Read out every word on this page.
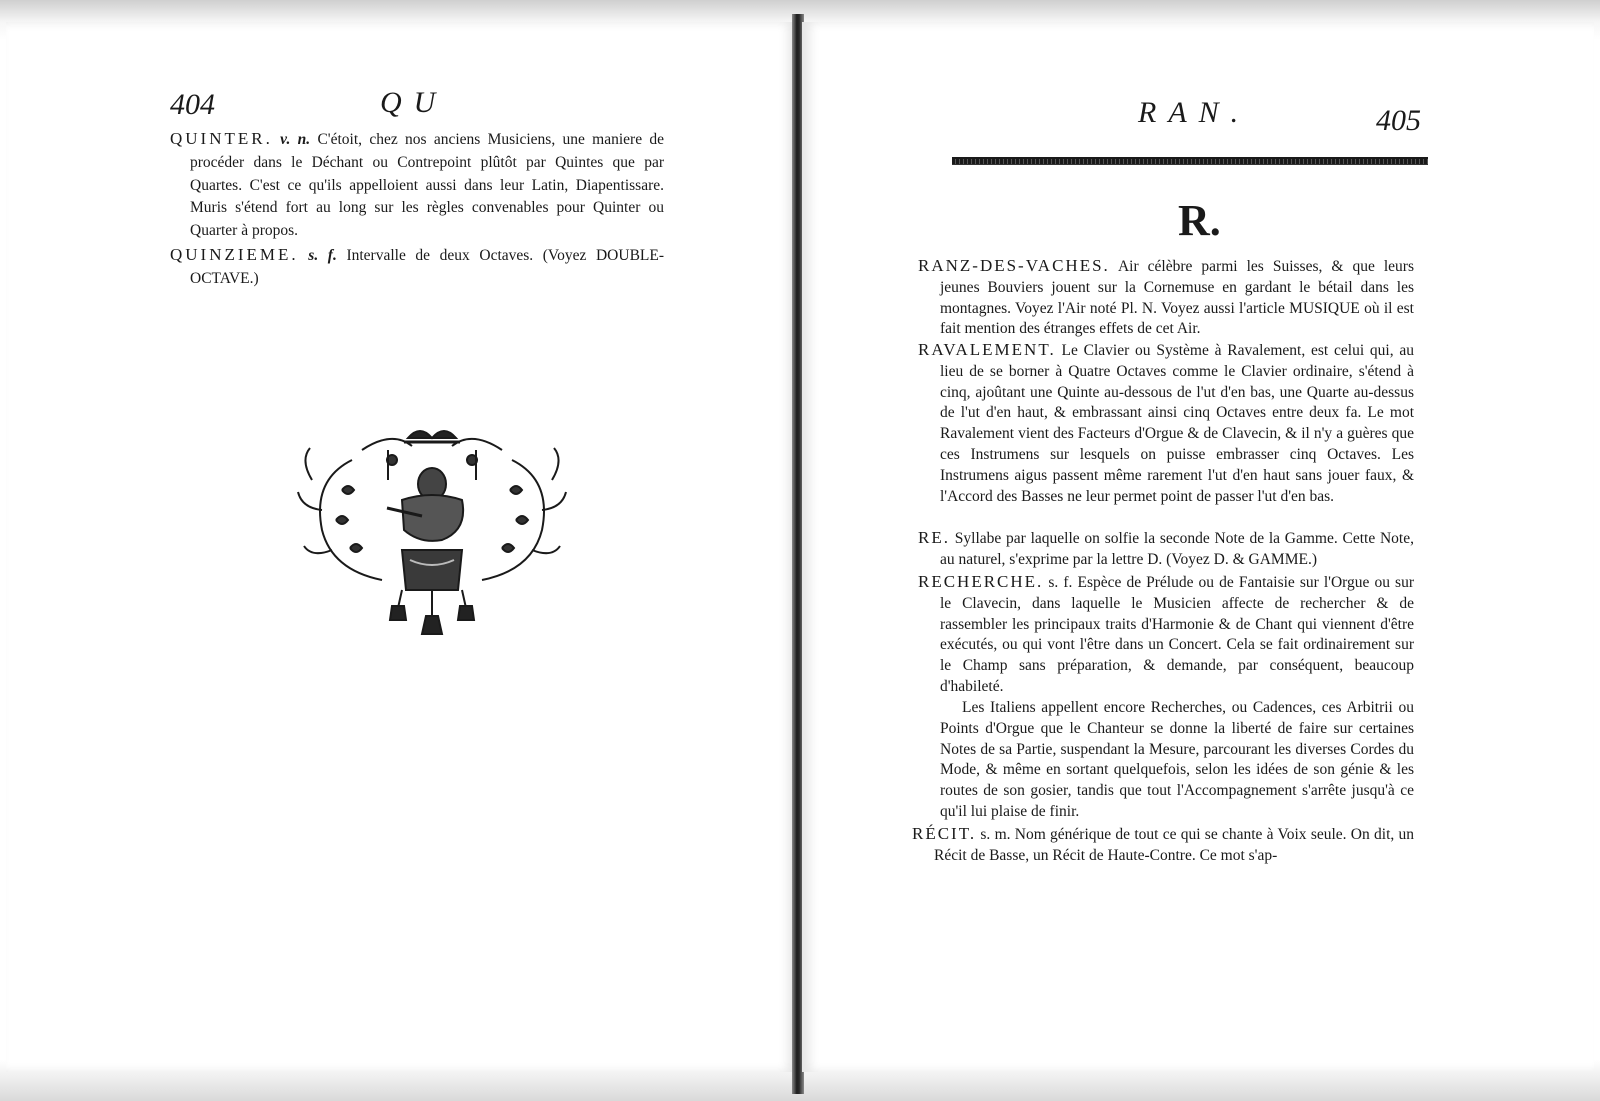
404	QU
QUINTER. v. n. C'étoit, chez nos anciens Musiciens, une maniere de procéder dans le Déchant ou Contrepoint plûtôt par Quintes que par Quartes. C'est ce qu'ils appelloient aussi dans leur Latin, Diapentissare. Muris s'étend fort au long sur les règles convenables pour Quinter ou Quarter à propos.
QUINZIEME. s. f. Intervalle de deux Octaves. (Voyez DOUBLE-OCTAVE.)
RAN.	405
R.
RANZ-DES-VACHES. Air célèbre parmi les Suisses, & que leurs jeunes Bouviers jouent sur la Cornemuse en gardant le bétail dans les montagnes. Voyez l'Air noté Pl. N. Voyez aussi l'article MUSIQUE où il est fait mention des étranges effets de cet Air.
RAVALEMENT. Le Clavier ou Système à Ravalement, est celui qui, au lieu de se borner à Quatre Octaves comme le Clavier ordinaire, s'étend à cinq, ajoûtant une Quinte au-dessous de l'ut d'en bas, une Quarte au-dessus de l'ut d'en haut, & embrassant ainsi cinq Octaves entre deux fa. Le mot Ravalement vient des Facteurs d'Orgue & de Clavecin, & il n'y a guères que ces Instrumens sur lesquels on puisse embrasser cinq Octaves. Les Instrumens aigus passent même rarement l'ut d'en haut sans jouer faux, & l'Accord des Basses ne leur permet point de passer l'ut d'en bas.
RE. Syllabe par laquelle on solfie la seconde Note de la Gamme. Cette Note, au naturel, s'exprime par la lettre D. (Voyez D. & GAMME.)
RECHERCHE. s. f. Espèce de Prélude ou de Fantaisie sur l'Orgue ou sur le Clavecin, dans laquelle le Musicien affecte de rechercher & de rassembler les principaux traits d'Harmonie & de Chant qui viennent d'être exécutés, ou qui vont l'être dans un Concert. Cela se fait ordinairement sur le Champ sans préparation, & demande, par conséquent, beaucoup d'habileté.
Les Italiens appellent encore Recherches, ou Cadences, ces Arbitrii ou Points d'Orgue que le Chanteur se donne la liberté de faire sur certaines Notes de sa Partie, suspendant la Mesure, parcourant les diverses Cordes du Mode, & même en sortant quelquefois, selon les idées de son génie & les routes de son gosier, tandis que tout l'Accompagnement s'arrête jusqu'à ce qu'il lui plaise de finir.
RÉCIT. s. m. Nom générique de tout ce qui se chante à Voix seule. On dit, un Récit de Basse, un Récit de Haute-Contre. Ce mot s'ap-
